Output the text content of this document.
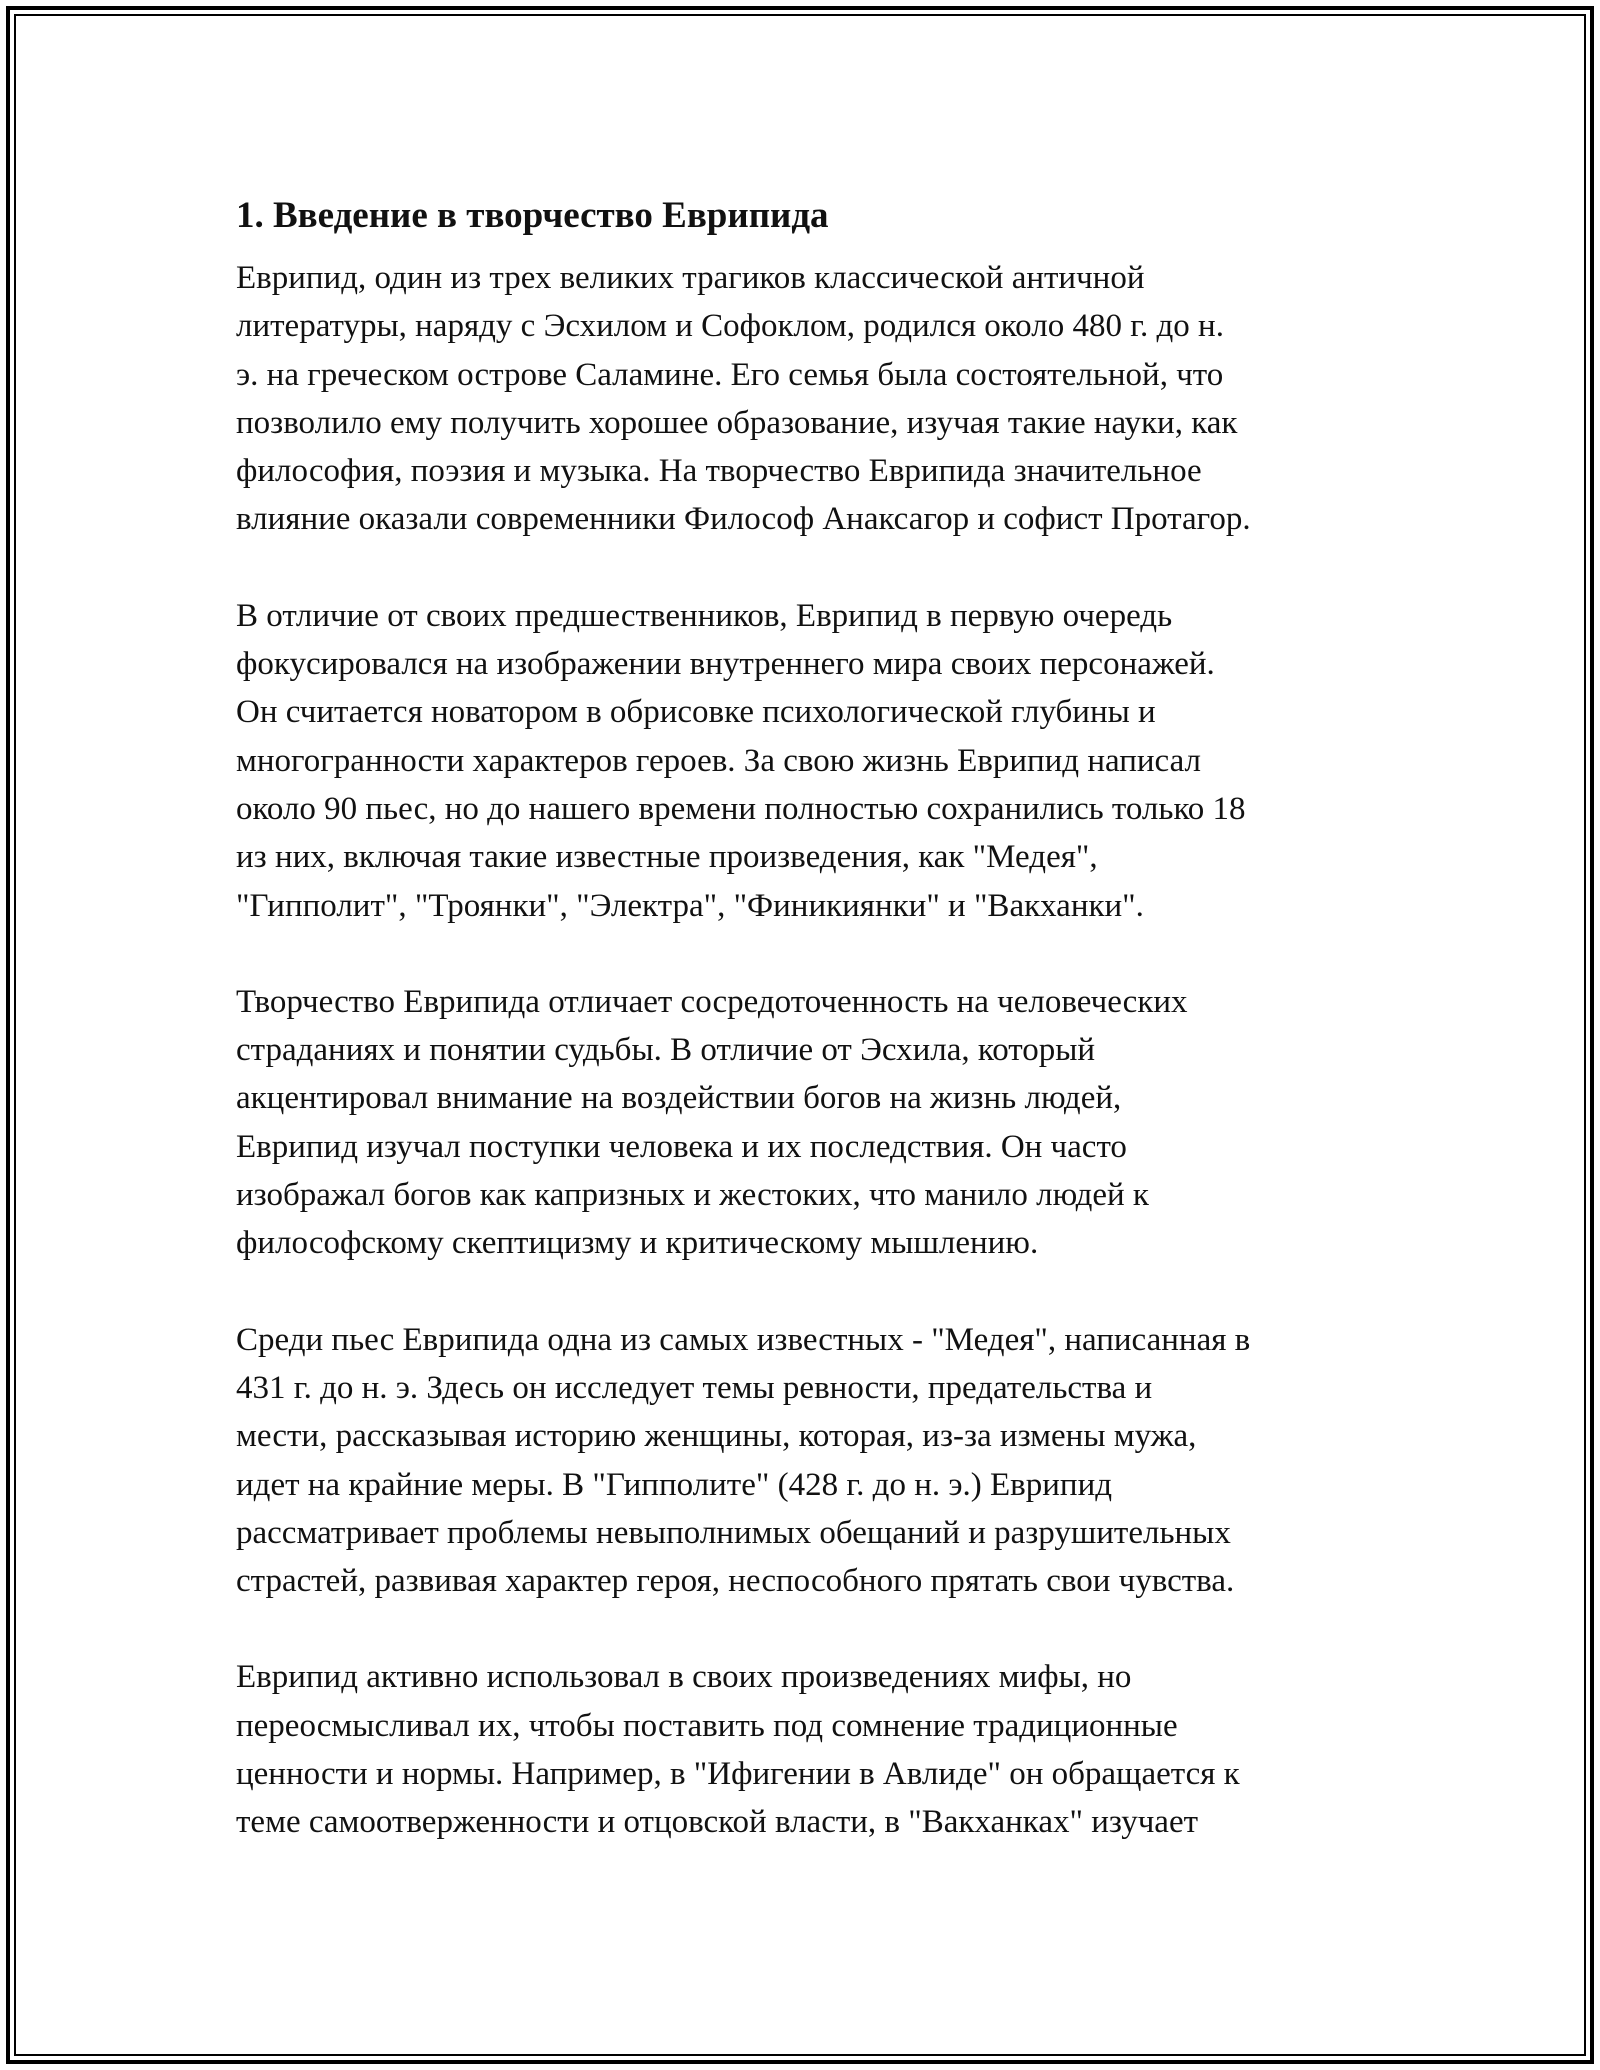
1. Введение в творчество Еврипида
Еврипид, один из трех великих трагиков классической античной
литературы, наряду с Эсхилом и Софоклом, родился около 480 г. до н.
э. на греческом острове Саламине. Его семья была состоятельной, что
позволило ему получить хорошее образование, изучая такие науки, как
философия, поэзия и музыка. На творчество Еврипида значительное
влияние оказали современники Философ Анаксагор и софист Протагор.
В отличие от своих предшественников, Еврипид в первую очередь
фокусировался на изображении внутреннего мира своих персонажей.
Он считается новатором в обрисовке психологической глубины и
многогранности характеров героев. За свою жизнь Еврипид написал
около 90 пьес, но до нашего времени полностью сохранились только 18
из них, включая такие известные произведения, как "Медея",
"Гипполит", "Троянки", "Электра", "Финикиянки" и "Вакханки".
Творчество Еврипида отличает сосредоточенность на человеческих
страданиях и понятии судьбы. В отличие от Эсхила, который
акцентировал внимание на воздействии богов на жизнь людей,
Еврипид изучал поступки человека и их последствия. Он часто
изображал богов как капризных и жестоких, что манило людей к
философскому скептицизму и критическому мышлению.
Среди пьес Еврипида одна из самых известных - "Медея", написанная в
431 г. до н. э. Здесь он исследует темы ревности, предательства и
мести, рассказывая историю женщины, которая, из-за измены мужа,
идет на крайние меры. В "Гипполите" (428 г. до н. э.) Еврипид
рассматривает проблемы невыполнимых обещаний и разрушительных
страстей, развивая характер героя, неспособного прятать свои чувства.
Еврипид активно использовал в своих произведениях мифы, но
переосмысливал их, чтобы поставить под сомнение традиционные
ценности и нормы. Например, в "Ифигении в Авлиде" он обращается к
теме самоотверженности и отцовской власти, в "Вакханках" изучает
